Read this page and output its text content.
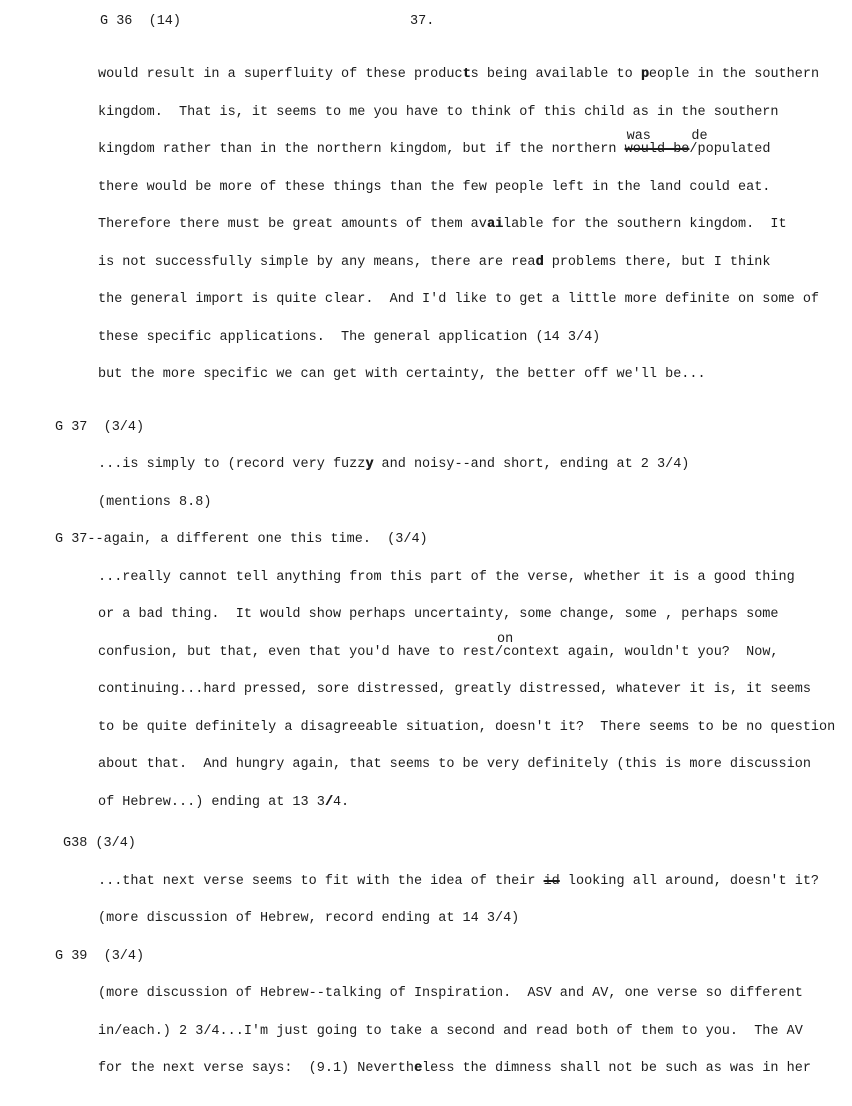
G 36  (14)	37.
would result in a superfluity of these products being available to people in the southern
kingdom.  That is, it seems to me you have to think of this child as in the southern
kingdom rather than in the northern kingdom, but if the northern would be
was
/populated
de
there would be more of these things than the few people left in the land could eat.
Therefore there must be great amounts of them available for the southern kingdom.  It
is not successfully simple by any means, there are read problems there, but I think
the general import is quite clear.  And I'd like to get a little more definite on some of
these specific applications.  The general application (14 3/4)
but the more specific we can get with certainty, the better off we'll be...
G 37  (3/4)
...is simply to (record very fuzzy and noisy--and short, ending at 2 3/4)
(mentions 8.8)
G 37--again, a different one this time.  (3/4)
...really cannot tell anything from this part of the verse, whether it is a good thing
or a bad thing.  It would show perhaps uncertainty, some change, some , perhaps some
confusion, but that, even that you'd have to rest/con
on
text again, wouldn't you?  Now,
continuing...hard pressed, sore distressed, greatly distressed, whatever it is, it seems
to be quite definitely a disagreeable situation, doesn't it?  There seems to be no question
about that.  And hungry again, that seems to be very definitely (this is more discussion
of Hebrew...) ending at 13 3/4.
G38 (3/4)
...that next verse seems to fit with the idea of their id looking all around, doesn't it?
(more discussion of Hebrew, record ending at 14 3/4)
G 39  (3/4)
(more discussion of Hebrew--talking of Inspiration.  ASV and AV, one verse so different
in/each.) 2 3/4...I'm just going to take a second and read both of them to you.  The AV
for the next verse says:  (9.1) Nevertheless the dimness shall not be such as was in her
